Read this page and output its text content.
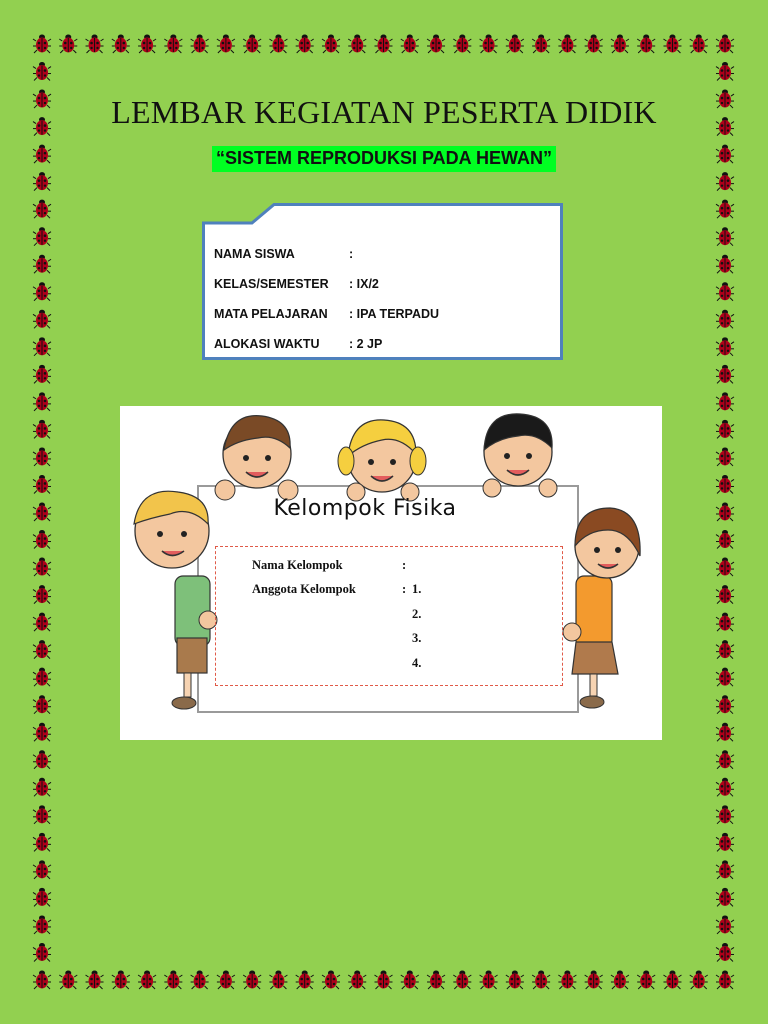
LEMBAR KEGIATAN PESERTA DIDIK
“SISTEM REPRODUKSI PADA HEWAN”
NAMA SISWA	:
KELAS/SEMESTER	: IX/2
MATA PELAJARAN	: IPA TERPADU
ALOKASI WAKTU	: 2 JP
Kelompok Fisika
Nama Kelompok	:
Anggota Kelompok	: 1.
2.
3.
4.
